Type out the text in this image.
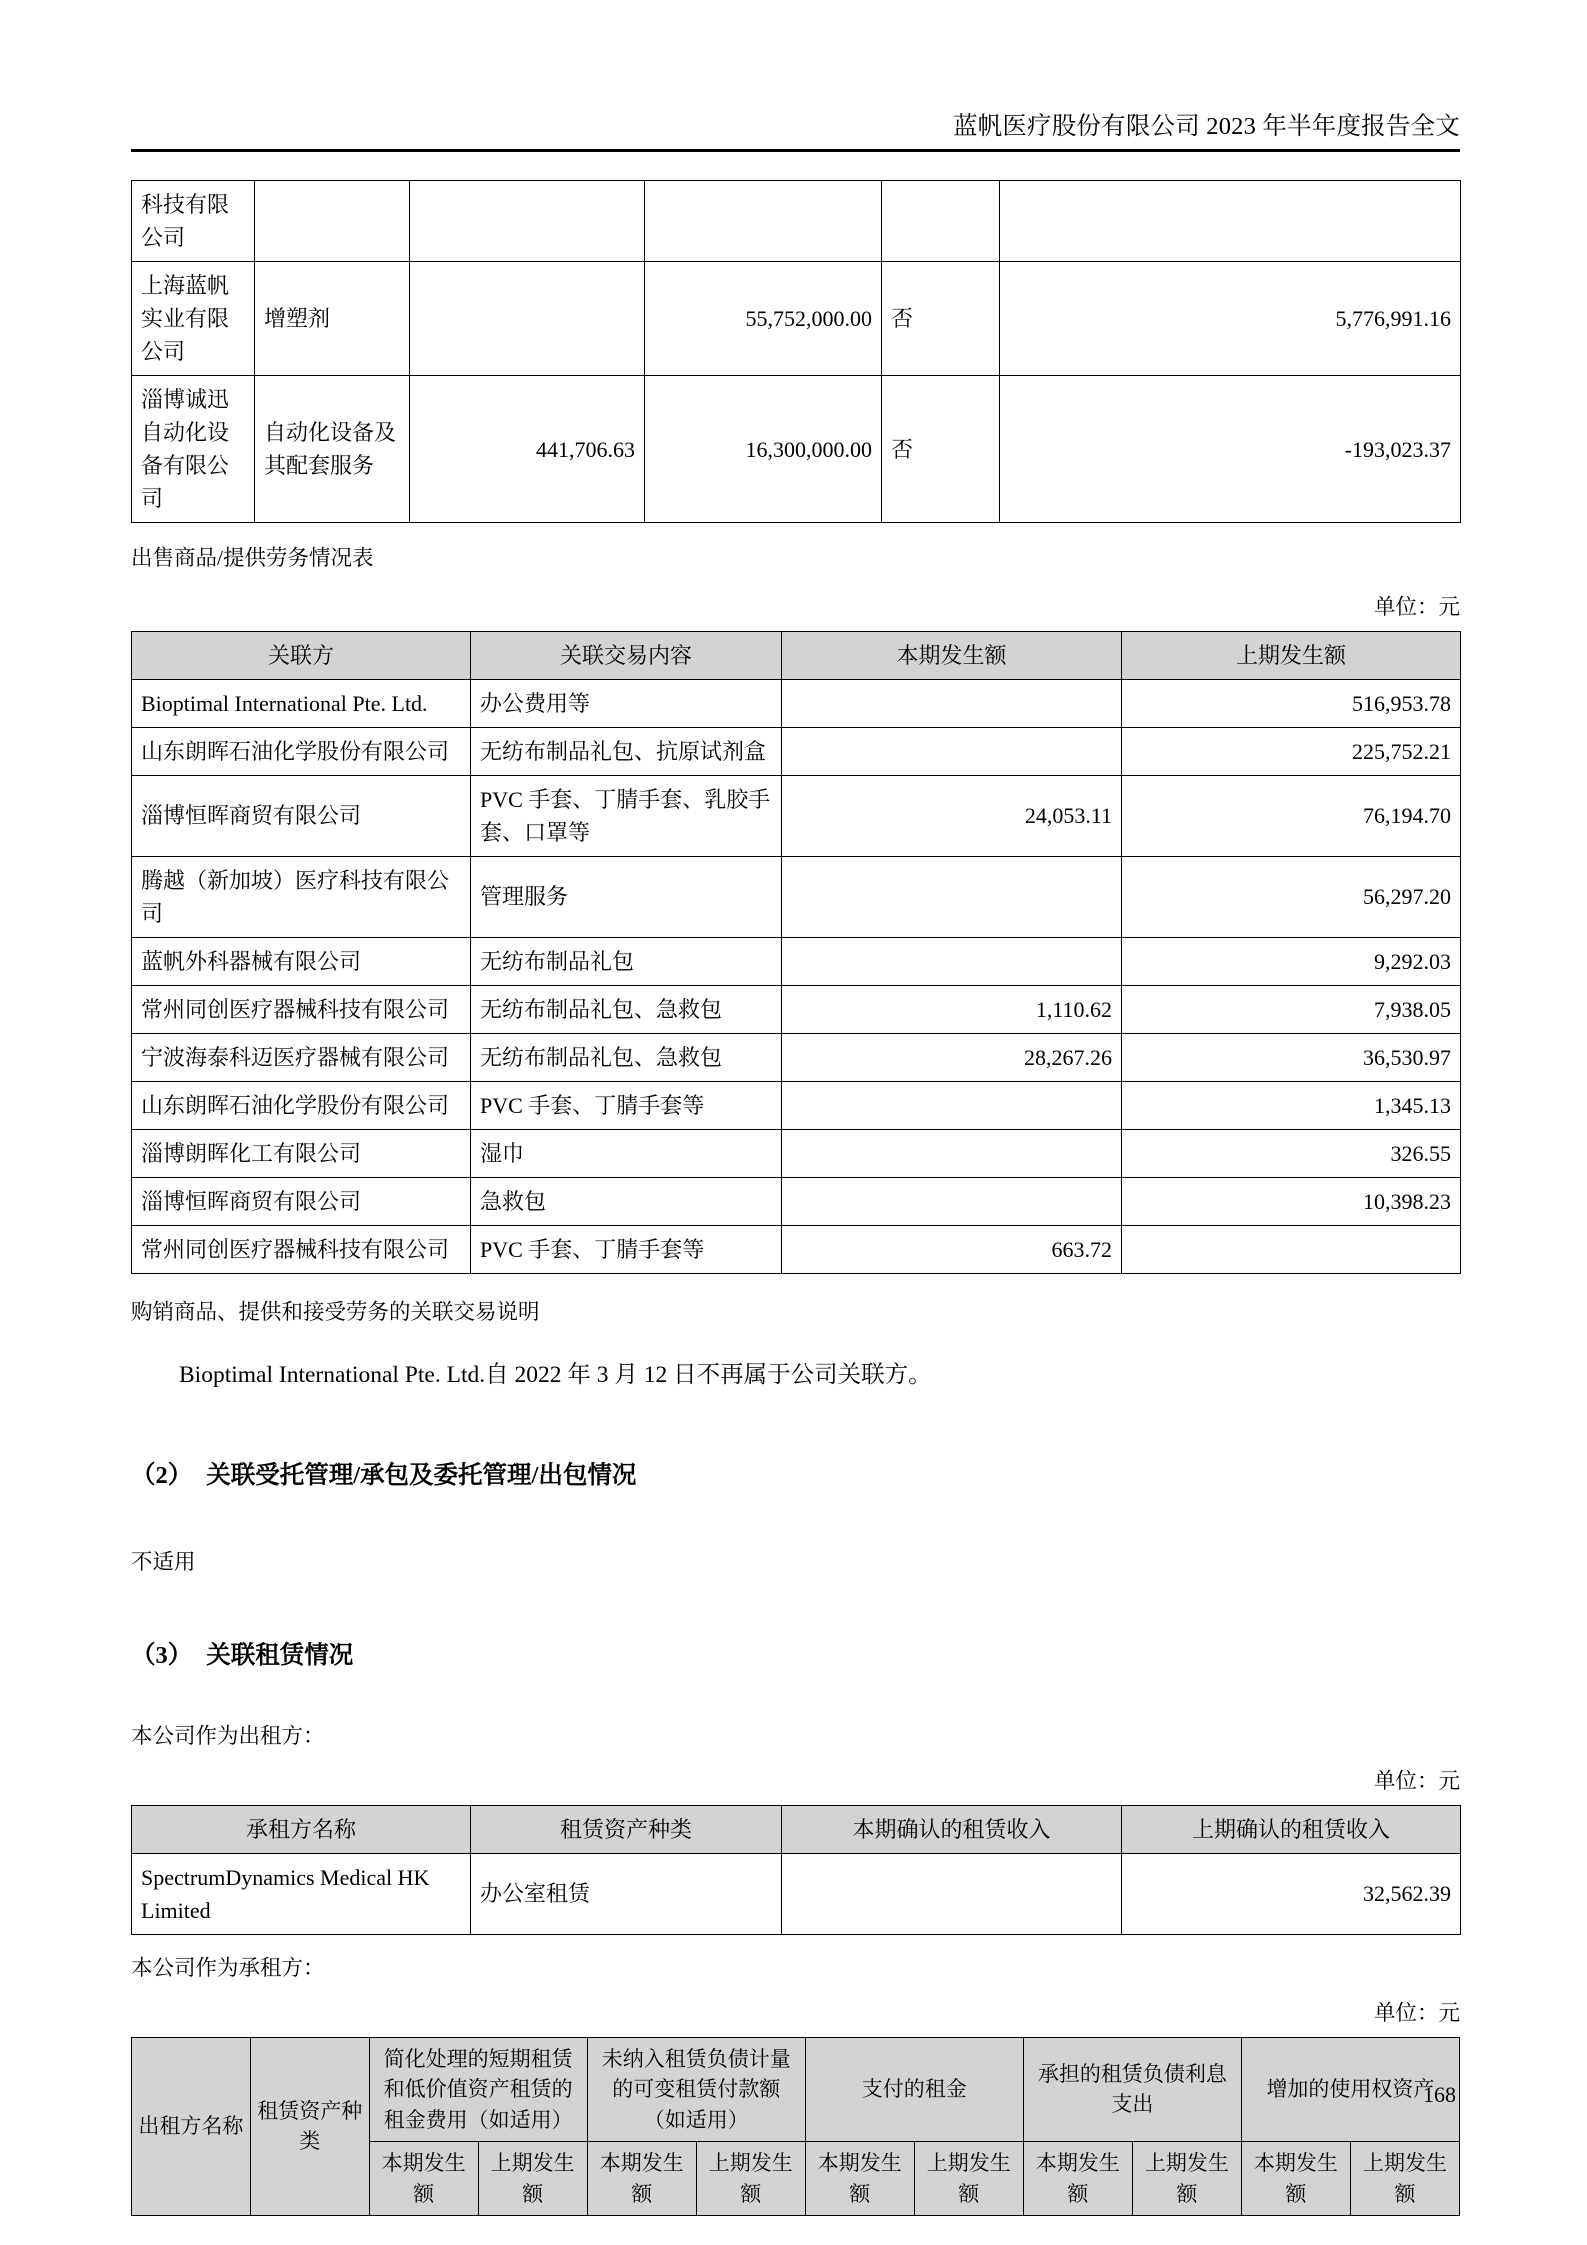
蓝帆医疗股份有限公司 2023 年半年度报告全文
科技有限公司					
上海蓝帆实业有限公司	增塑剂		55,752,000.00	否	5,776,991.16
淄博诚迅自动化设备有限公司	自动化设备及其配套服务	441,706.63	16,300,000.00	否	-193,023.37
出售商品/提供劳务情况表
单位：元
关联方	关联交易内容	本期发生额	上期发生额
Bioptimal International Pte. Ltd.	办公费用等		516,953.78
山东朗晖石油化学股份有限公司	无纺布制品礼包、抗原试剂盒		225,752.21
淄博恒晖商贸有限公司	PVC 手套、丁腈手套、乳胶手套、口罩等	24,053.11	76,194.70
腾越（新加坡）医疗科技有限公司	管理服务		56,297.20
蓝帆外科器械有限公司	无纺布制品礼包		9,292.03
常州同创医疗器械科技有限公司	无纺布制品礼包、急救包	1,110.62	7,938.05
宁波海泰科迈医疗器械有限公司	无纺布制品礼包、急救包	28,267.26	36,530.97
山东朗晖石油化学股份有限公司	PVC 手套、丁腈手套等		1,345.13
淄博朗晖化工有限公司	湿巾		326.55
淄博恒晖商贸有限公司	急救包		10,398.23
常州同创医疗器械科技有限公司	PVC 手套、丁腈手套等	663.72	
购销商品、提供和接受劳务的关联交易说明
Bioptimal International Pte. Ltd.自 2022 年 3 月 12 日不再属于公司关联方。
（2） 关联受托管理/承包及委托管理/出包情况
不适用
（3） 关联租赁情况
本公司作为出租方：
单位：元
承租方名称	租赁资产种类	本期确认的租赁收入	上期确认的租赁收入
SpectrumDynamics Medical HK Limited	办公室租赁		32,562.39
本公司作为承租方：
单位：元
出租方名称	租赁资产种类	简化处理的短期租赁和低价值资产租赁的租金费用（如适用）		未纳入租赁负债计量的可变租赁付款额（如适用）		支付的租金		承担的租赁负债利息支出		增加的使用权资产	
		本期发生额	上期发生额	本期发生额	上期发生额	本期发生额	上期发生额	本期发生额	上期发生额	本期发生额	上期发生额
168
